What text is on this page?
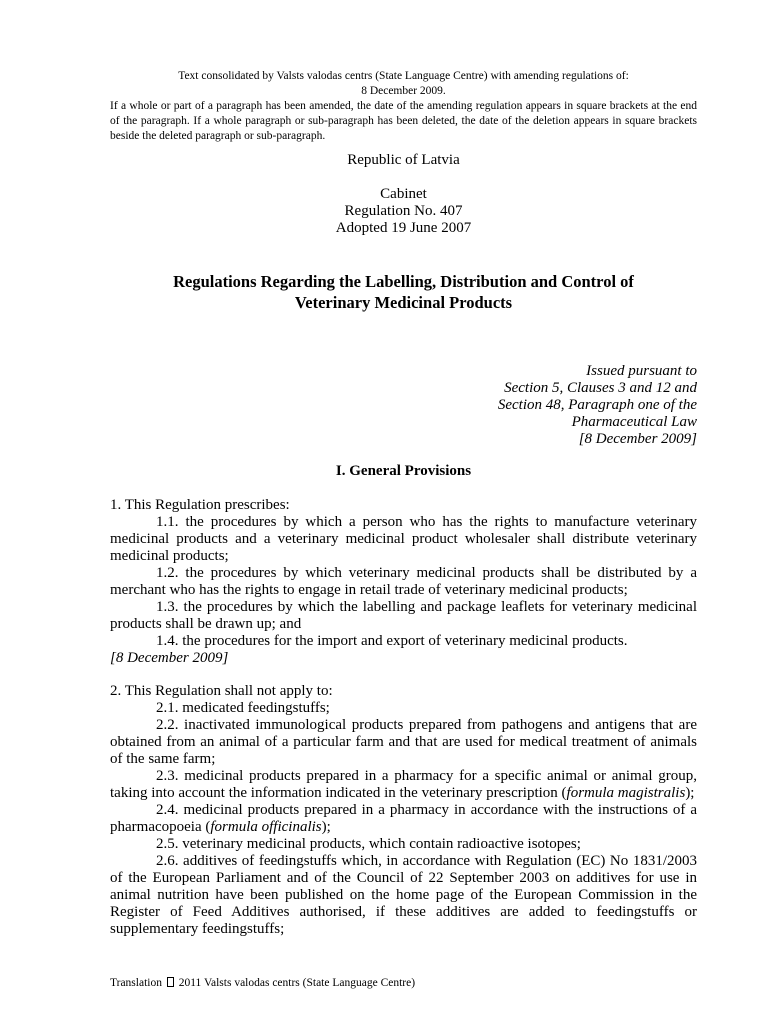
Text consolidated by Valsts valodas centrs (State Language Centre) with amending regulations of:
8 December 2009.
If a whole or part of a paragraph has been amended, the date of the amending regulation appears in square brackets at the end of the paragraph. If a whole paragraph or sub-paragraph has been deleted, the date of the deletion appears in square brackets beside the deleted paragraph or sub-paragraph.
Republic of Latvia
Cabinet
Regulation No. 407
Adopted 19 June 2007
Regulations Regarding the Labelling, Distribution and Control of
Veterinary Medicinal Products
Issued pursuant to
Section 5, Clauses 3 and 12 and
Section 48, Paragraph one of the
Pharmaceutical Law
[8 December 2009]
I. General Provisions

1. This Regulation prescribes:

1.1. the procedures by which a person who has the rights to manufacture veterinary medicinal products and a veterinary medicinal product wholesaler shall distribute veterinary medicinal products;

1.2. the procedures by which veterinary medicinal products shall be distributed by a merchant who has the rights to engage in retail trade of veterinary medicinal products;

1.3. the procedures by which the labelling and package leaflets for veterinary medicinal products shall be drawn up; and

1.4. the procedures for the import and export of veterinary medicinal products.

[8 December 2009]

2. This Regulation shall not apply to:

2.1. medicated feedingstuffs;

2.2. inactivated immunological products prepared from pathogens and antigens that are obtained from an animal of a particular farm and that are used for medical treatment of animals of the same farm;

2.3. medicinal products prepared in a pharmacy for a specific animal or animal group, taking into account the information indicated in the veterinary prescription (formula magistralis);

2.4. medicinal products prepared in a pharmacy in accordance with the instructions of a pharmacopoeia (formula officinalis);

2.5. veterinary medicinal products, which contain radioactive isotopes;

2.6. additives of feedingstuffs which, in accordance with Regulation (EC) No 1831/2003 of the European Parliament and of the Council of 22 September 2003 on additives for use in animal nutrition have been published on the home page of the European Commission in the Register of Feed Additives authorised, if these additives are added to feedingstuffs or supplementary feedingstuffs;

Translation 2011 Valsts valodas centrs (State Language Centre)
